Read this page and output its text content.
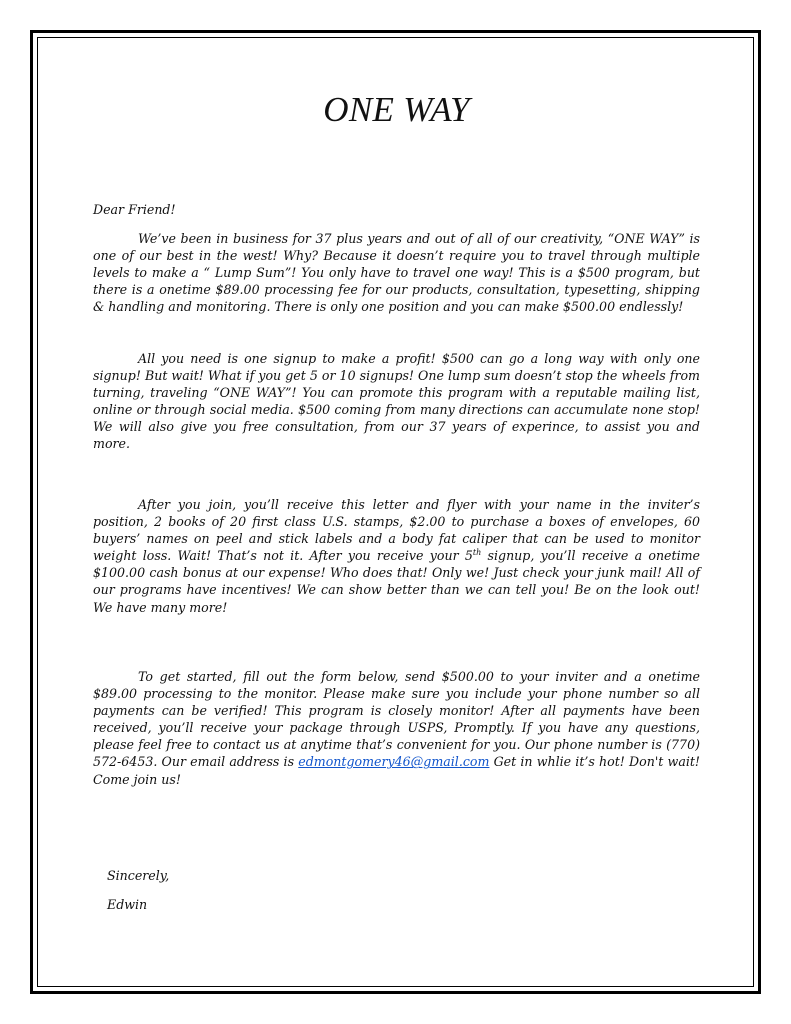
ONE WAY

Dear Friend!

We’ve been in business for 37 plus years and out of all of our creativity, “ONE WAY” is one of our best in the west! Why? Because it doesn’t require you to travel through multiple levels to make a “ Lump Sum”! You only have to travel one way! This is a $500 program, but there is a onetime $89.00 processing fee for our products, consultation, typesetting, shipping & handling and monitoring. There is only one position and you can make $500.00 endlessly!

All you need is one signup to make a profit! $500 can go a long way with only one signup! But wait! What if you get 5 or 10 signups! One lump sum doesn’t stop the wheels from turning, traveling “ONE WAY”! You can promote this program with a reputable mailing list, online or through social media. $500 coming from many directions can accumulate none stop! We will also give you free consultation, from our 37 years of experince, to assist you and more.

After you join, you’ll receive this letter and flyer with your name in the inviter’s position, 2 books of 20 first class U.S. stamps, $2.00 to purchase a boxes of envelopes, 60 buyers’ names on peel and stick labels and a body fat caliper that can be used to monitor weight loss. Wait! That’s not it. After you receive your 5th signup, you’ll receive a onetime $100.00 cash bonus at our expense! Who does that! Only we! Just check your junk mail! All of our programs have incentives! We can show better than we can tell you! Be on the look out! We have many more!

To get started, fill out the form below, send $500.00 to your inviter and a onetime $89.00 processing to the monitor. Please make sure you include your phone number so all payments can be verified! This program is closely monitor! After all payments have been received, you’ll receive your package through USPS, Promptly. If you have any questions, please feel free to contact us at anytime that’s convenient for you. Our phone number is (770) 572-6453. Our email address is edmontgomery46@gmail.com Get in whlie it’s hot! Don't wait! Come join us!

Sincerely,

Edwin
